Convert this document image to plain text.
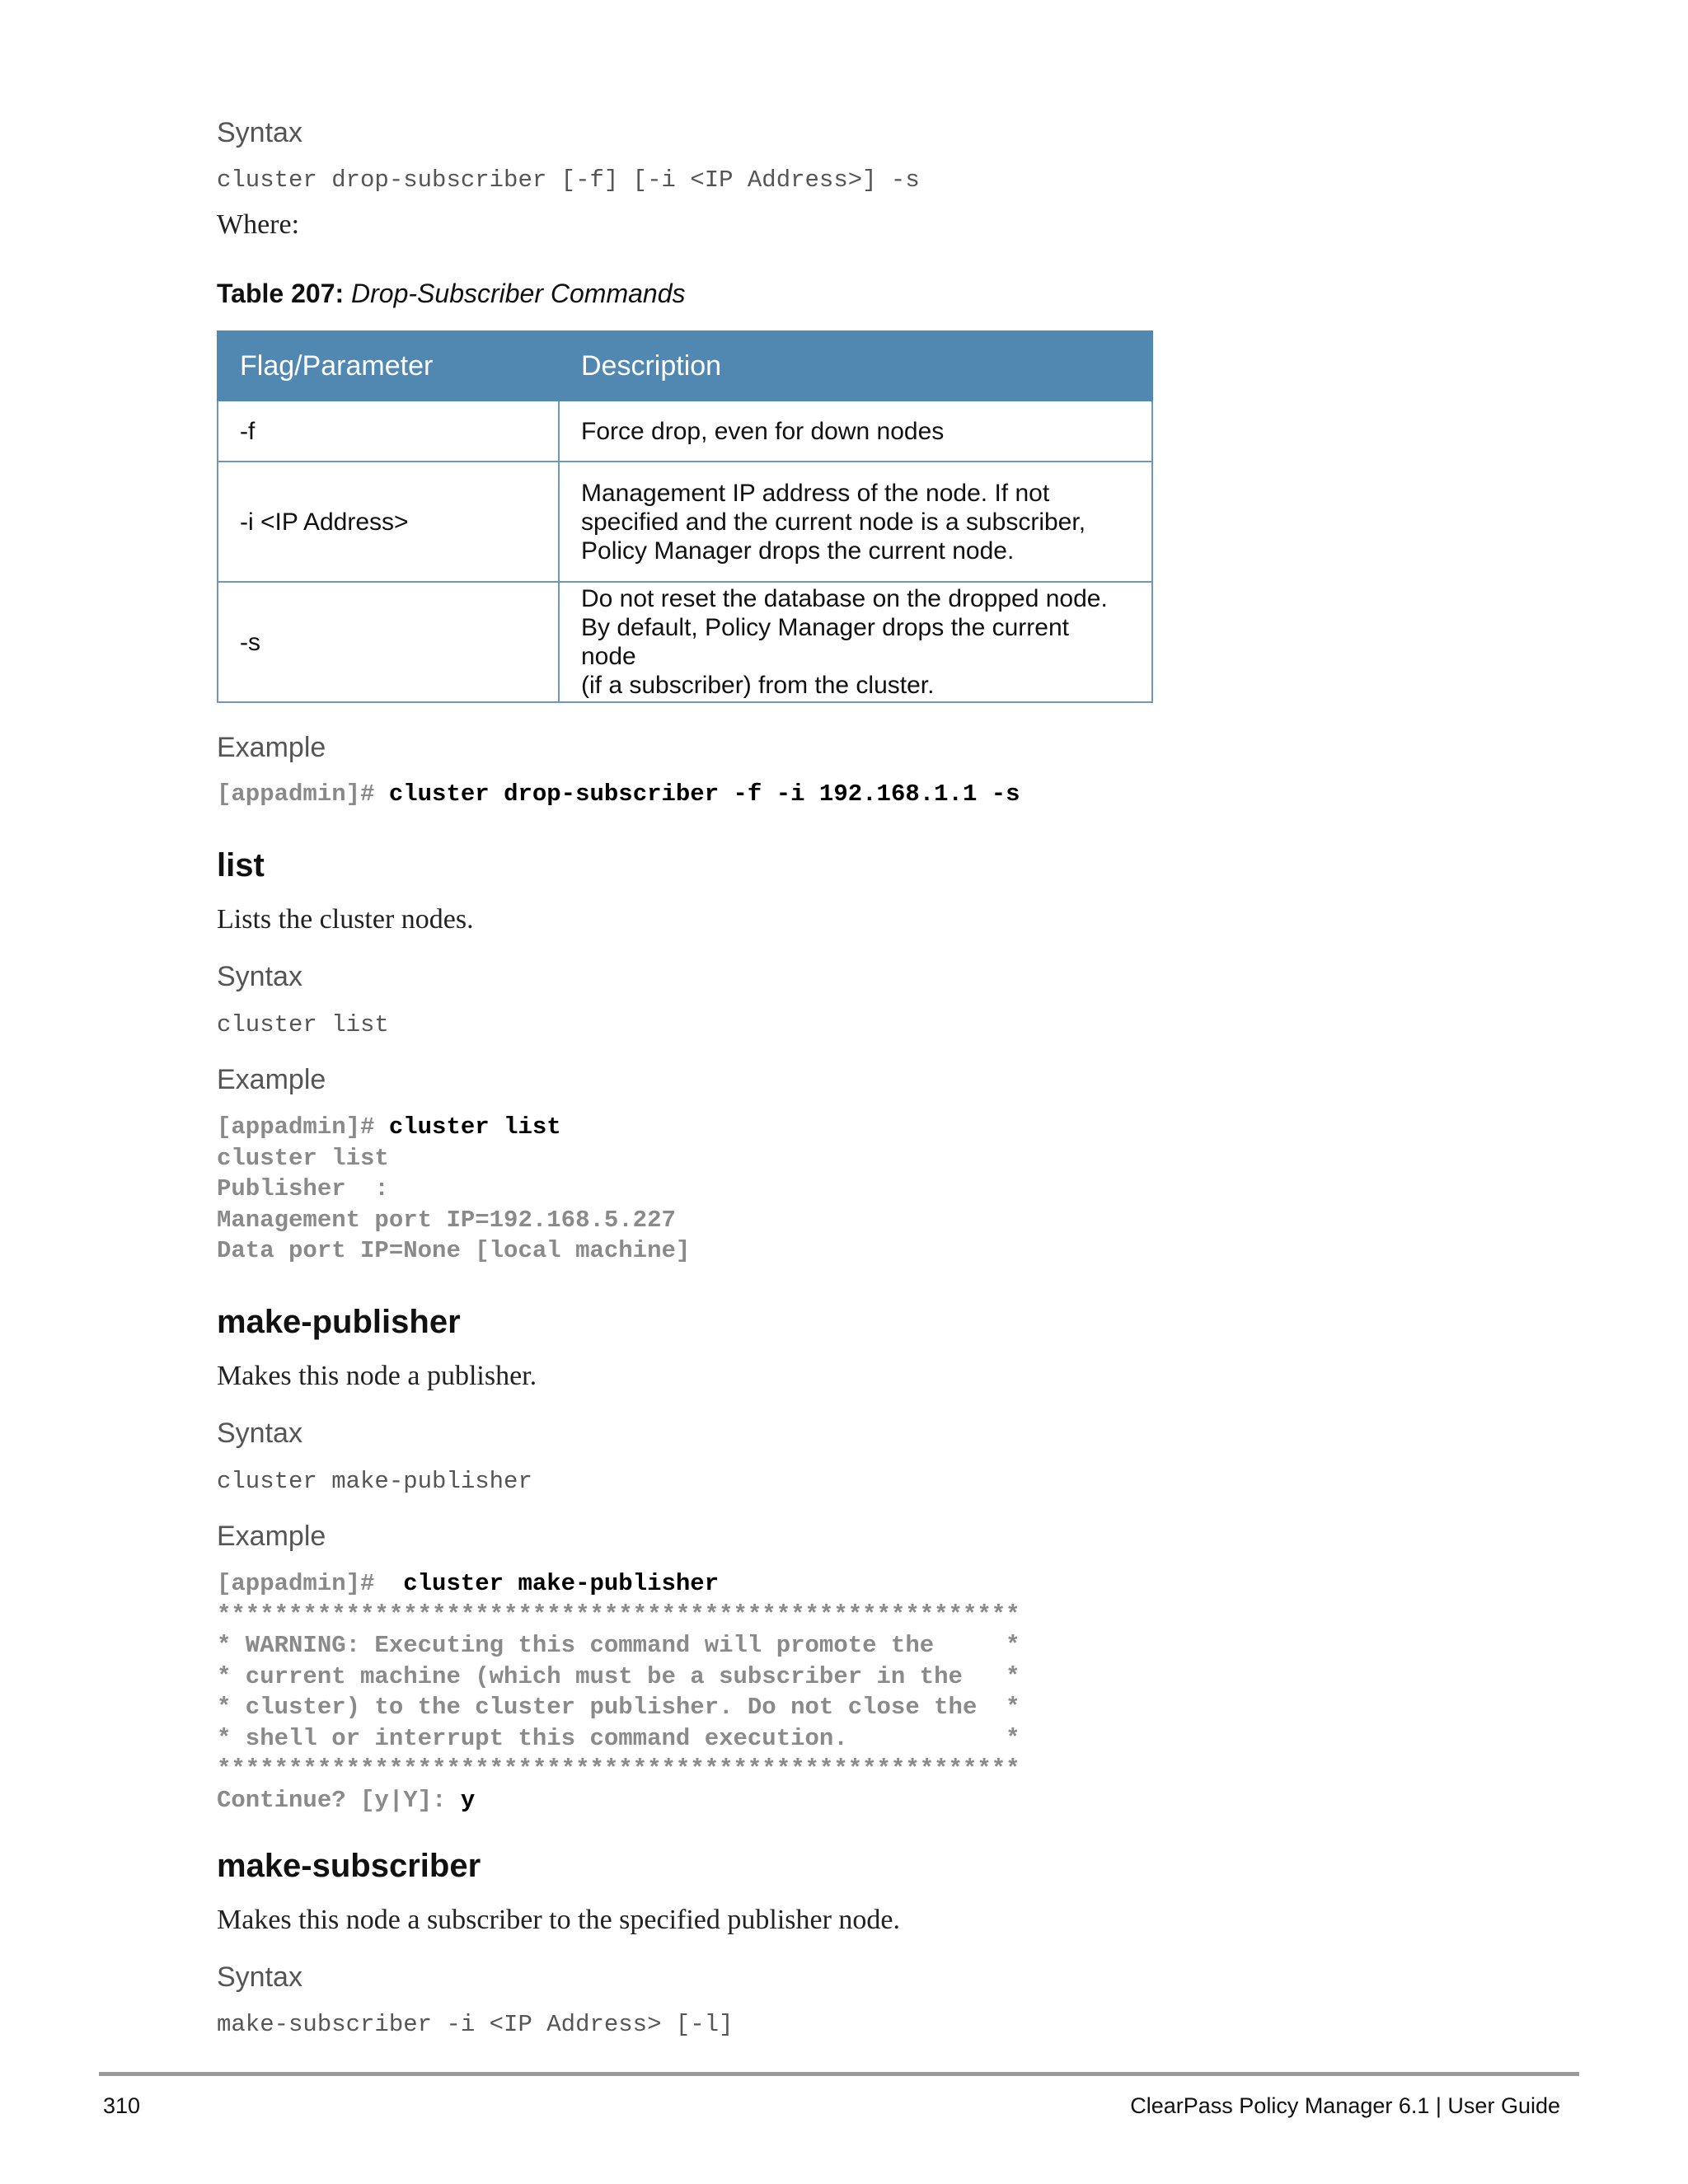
Syntax
cluster drop-subscriber [-f] [-i <IP Address>] -s
Where:
Table 207: Drop-Subscriber Commands
Flag/Parameter	Description
-f	Force drop, even for down nodes

-i <IP Address>	Management IP address of the node. If not
specified and the current node is a subscriber,
Policy Manager drops the current node.

-s	Do not reset the database on the dropped node.
By default, Policy Manager drops the current node
(if a subscriber) from the cluster.
Example
[appadmin]# cluster drop-subscriber -f -i 192.168.1.1 -s
list
Lists the cluster nodes.
Syntax
cluster list
Example
[appadmin]# cluster list
cluster list
Publisher  :
Management port IP=192.168.5.227
Data port IP=None [local machine]
make-publisher
Makes this node a publisher.
Syntax
cluster make-publisher
Example
[appadmin]# cluster make-publisher
********************************************************
* WARNING: Executing this command will promote the     *
* current machine (which must be a subscriber in the   *
* cluster) to the cluster publisher. Do not close the  *
* shell or interrupt this command execution.           *
********************************************************
Continue? [y|Y]: y
make-subscriber
Makes this node a subscriber to the specified publisher node.
Syntax
make-subscriber -i <IP Address> [-l]
310	ClearPass Policy Manager 6.1 | User Guide
